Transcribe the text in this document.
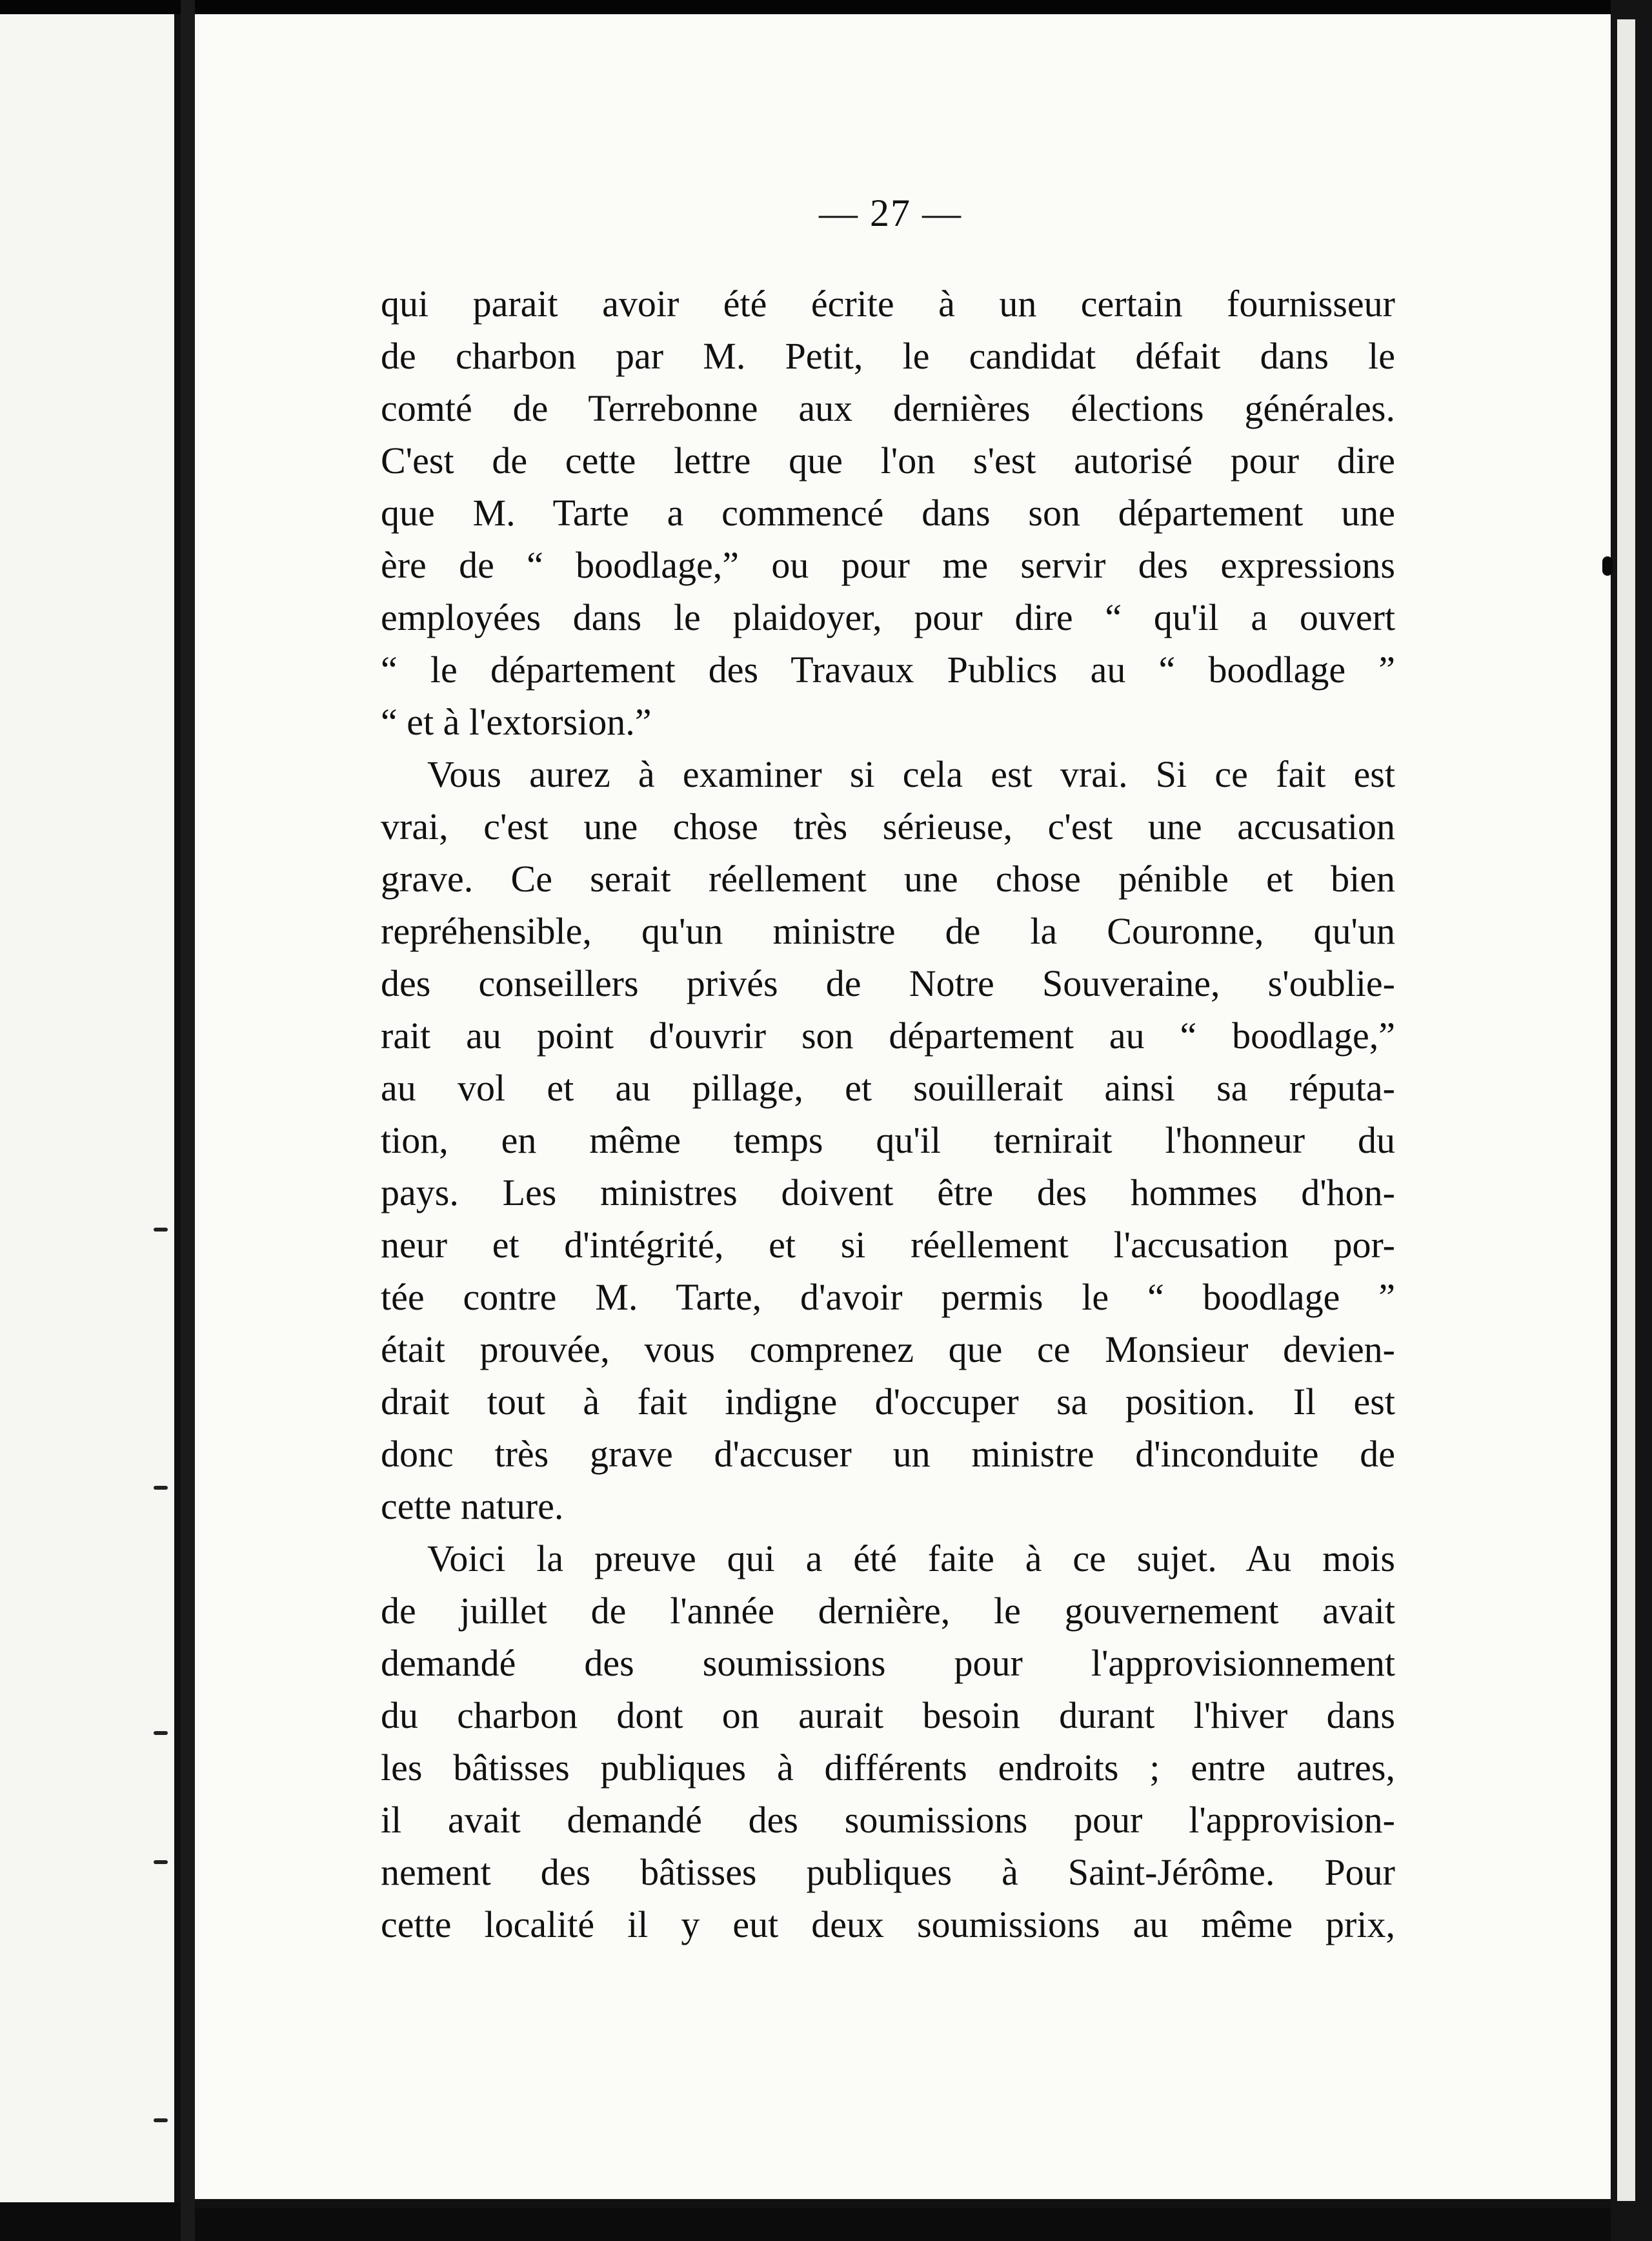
— 27 —
qui parait avoir été écrite à un certain fournisseur
de charbon par M. Petit, le candidat défait dans le
comté de Terrebonne aux dernières élections générales.
C'est de cette lettre que l'on s'est autorisé pour dire
que M. Tarte a commencé dans son département une
ère de “ boodlage,” ou pour me servir des expressions
employées dans le plaidoyer, pour dire “ qu'il a ouvert
“ le département des Travaux Publics au “ boodlage ”
“ et à l'extorsion.”
Vous aurez à examiner si cela est vrai. Si ce fait est
vrai, c'est une chose très sérieuse, c'est une accusation
grave. Ce serait réellement une chose pénible et bien
repréhensible, qu'un ministre de la Couronne, qu'un
des conseillers privés de Notre Souveraine, s'oublie-
rait au point d'ouvrir son département au “ boodlage,”
au vol et au pillage, et souillerait ainsi sa réputa-
tion, en même temps qu'il ternirait l'honneur du
pays. Les ministres doivent être des hommes d'hon-
neur et d'intégrité, et si réellement l'accusation por-
tée contre M. Tarte, d'avoir permis le “ boodlage ”
était prouvée, vous comprenez que ce Monsieur devien-
drait tout à fait indigne d'occuper sa position. Il est
donc très grave d'accuser un ministre d'inconduite de
cette nature.
Voici la preuve qui a été faite à ce sujet. Au mois
de juillet de l'année dernière, le gouvernement avait
demandé des soumissions pour l'approvisionnement
du charbon dont on aurait besoin durant l'hiver dans
les bâtisses publiques à différents endroits ; entre autres,
il avait demandé des soumissions pour l'approvision-
nement des bâtisses publiques à Saint-Jérôme. Pour
cette localité il y eut deux soumissions au même prix,
